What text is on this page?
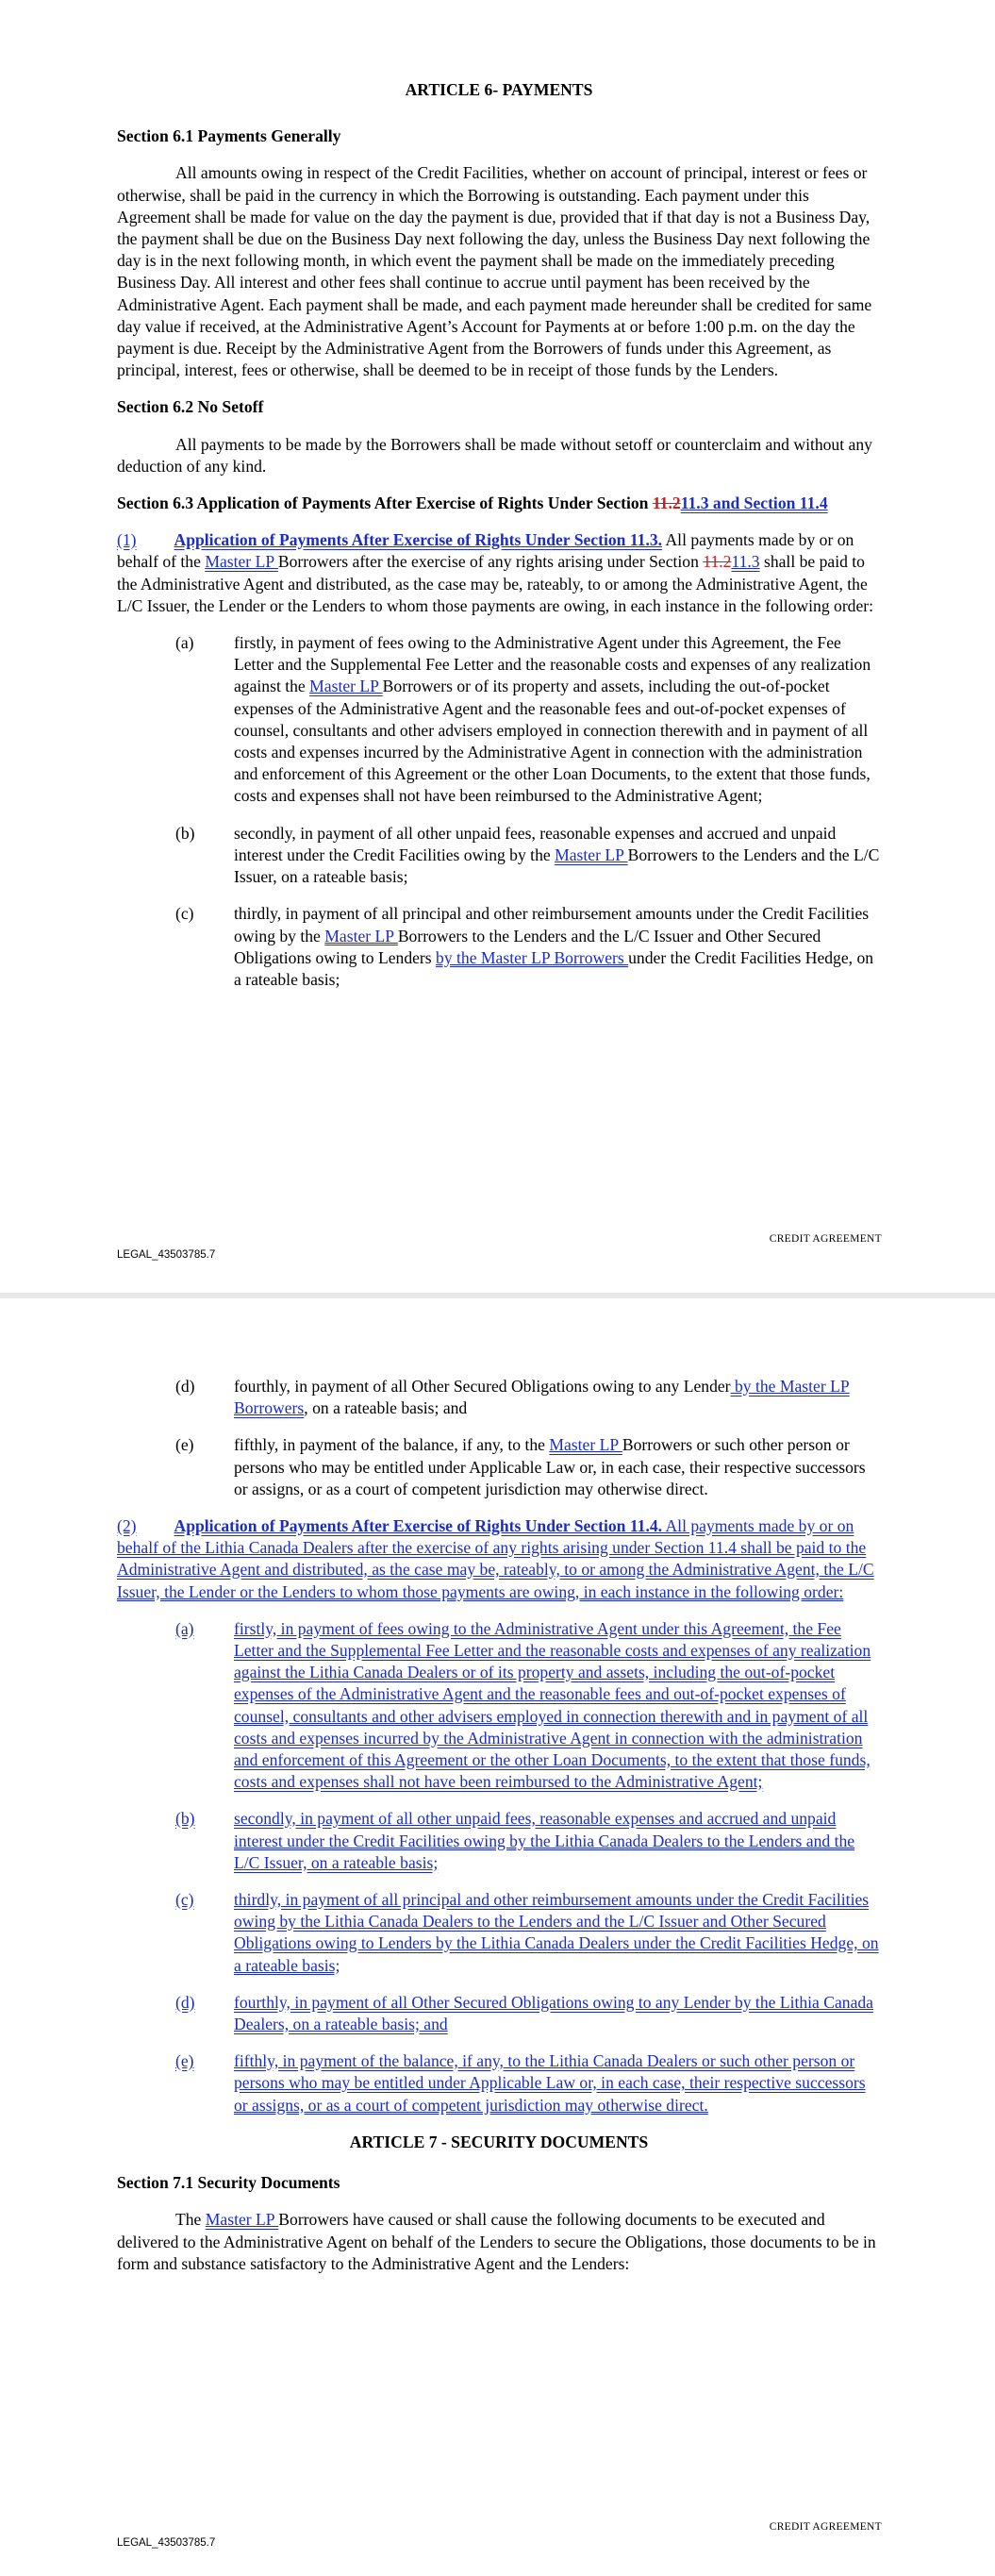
ARTICLE 6- PAYMENTS
Section 6.1 Payments Generally

All amounts owing in respect of the Credit Facilities, whether on account of principal, interest or fees or otherwise, shall be paid in the currency in which the Borrowing is outstanding. Each payment under this Agreement shall be made for value on the day the payment is due, provided that if that day is not a Business Day, the payment shall be due on the Business Day next following the day, unless the Business Day next following the day is in the next following month, in which event the payment shall be made on the immediately preceding Business Day. All interest and other fees shall continue to accrue until payment has been received by the Administrative Agent. Each payment shall be made, and each payment made hereunder shall be credited for same day value if received, at the Administrative Agent’s Account for Payments at or before 1:00 p.m. on the day the payment is due. Receipt by the Administrative Agent from the Borrowers of funds under this Agreement, as principal, interest, fees or otherwise, shall be deemed to be in receipt of those funds by the Lenders.

Section 6.2 No Setoff

All payments to be made by the Borrowers shall be made without setoff or counterclaim and without any deduction of any kind.

Section 6.3 Application of Payments After Exercise of Rights Under Section 11.211.3 and Section 11.4

(1) Application of Payments After Exercise of Rights Under Section 11.3. All payments made by or on behalf of the Master LP Borrowers after the exercise of any rights arising under Section 11.211.3 shall be paid to the Administrative Agent and distributed, as the case may be, rateably, to or among the Administrative Agent, the L/C Issuer, the Lender or the Lenders to whom those payments are owing, in each instance in the following order:

(a)	firstly, in payment of fees owing to the Administrative Agent under this Agreement, the Fee Letter and the Supplemental Fee Letter and the reasonable costs and expenses of any realization against the Master LP Borrowers or of its property and assets, including the out-of-pocket expenses of the Administrative Agent and the reasonable fees and out-of-pocket expenses of counsel, consultants and other advisers employed in connection therewith and in payment of all costs and expenses incurred by the Administrative Agent in connection with the administration and enforcement of this Agreement or the other Loan Documents, to the extent that those funds, costs and expenses shall not have been reimbursed to the Administrative Agent;
(b)	secondly, in payment of all other unpaid fees, reasonable expenses and accrued and unpaid interest under the Credit Facilities owing by the Master LP Borrowers to the Lenders and the L/C Issuer, on a rateable basis;
(c)	thirdly, in payment of all principal and other reimbursement amounts under the Credit Facilities owing by the Master LP Borrowers to the Lenders and the L/C Issuer and Other Secured Obligations owing to Lenders by the Master LP Borrowers under the Credit Facilities Hedge, on a rateable basis;
CREDIT AGREEMENT
LEGAL_43503785.7
(d)	fourthly, in payment of all Other Secured Obligations owing to any Lender by the Master LP Borrowers, on a rateable basis; and
(e)	fifthly, in payment of the balance, if any, to the Master LP Borrowers or such other person or persons who may be entitled under Applicable Law or, in each case, their respective successors or assigns, or as a court of competent jurisdiction may otherwise direct.

(2) Application of Payments After Exercise of Rights Under Section 11.4. All payments made by or on behalf of the Lithia Canada Dealers after the exercise of any rights arising under Section 11.4 shall be paid to the Administrative Agent and distributed, as the case may be, rateably, to or among the Administrative Agent, the L/C Issuer, the Lender or the Lenders to whom those payments are owing, in each instance in the following order:

(a)	firstly, in payment of fees owing to the Administrative Agent under this Agreement, the Fee Letter and the Supplemental Fee Letter and the reasonable costs and expenses of any realization against the Lithia Canada Dealers or of its property and assets, including the out-of-pocket expenses of the Administrative Agent and the reasonable fees and out-of-pocket expenses of counsel, consultants and other advisers employed in connection therewith and in payment of all costs and expenses incurred by the Administrative Agent in connection with the administration and enforcement of this Agreement or the other Loan Documents, to the extent that those funds, costs and expenses shall not have been reimbursed to the Administrative Agent;
(b)	secondly, in payment of all other unpaid fees, reasonable expenses and accrued and unpaid interest under the Credit Facilities owing by the Lithia Canada Dealers to the Lenders and the L/C Issuer, on a rateable basis;
(c)	thirdly, in payment of all principal and other reimbursement amounts under the Credit Facilities owing by the Lithia Canada Dealers to the Lenders and the L/C Issuer and Other Secured Obligations owing to Lenders by the Lithia Canada Dealers under the Credit Facilities Hedge, on a rateable basis;
(d)	fourthly, in payment of all Other Secured Obligations owing to any Lender by the Lithia Canada Dealers, on a rateable basis; and
(e)	fifthly, in payment of the balance, if any, to the Lithia Canada Dealers or such other person or persons who may be entitled under Applicable Law or, in each case, their respective successors or assigns, or as a court of competent jurisdiction may otherwise direct.
ARTICLE 7 - SECURITY DOCUMENTS
Section 7.1 Security Documents

The Master LP Borrowers have caused or shall cause the following documents to be executed and delivered to the Administrative Agent on behalf of the Lenders to secure the Obligations, those documents to be in form and substance satisfactory to the Administrative Agent and the Lenders:

CREDIT AGREEMENT
LEGAL_43503785.7
